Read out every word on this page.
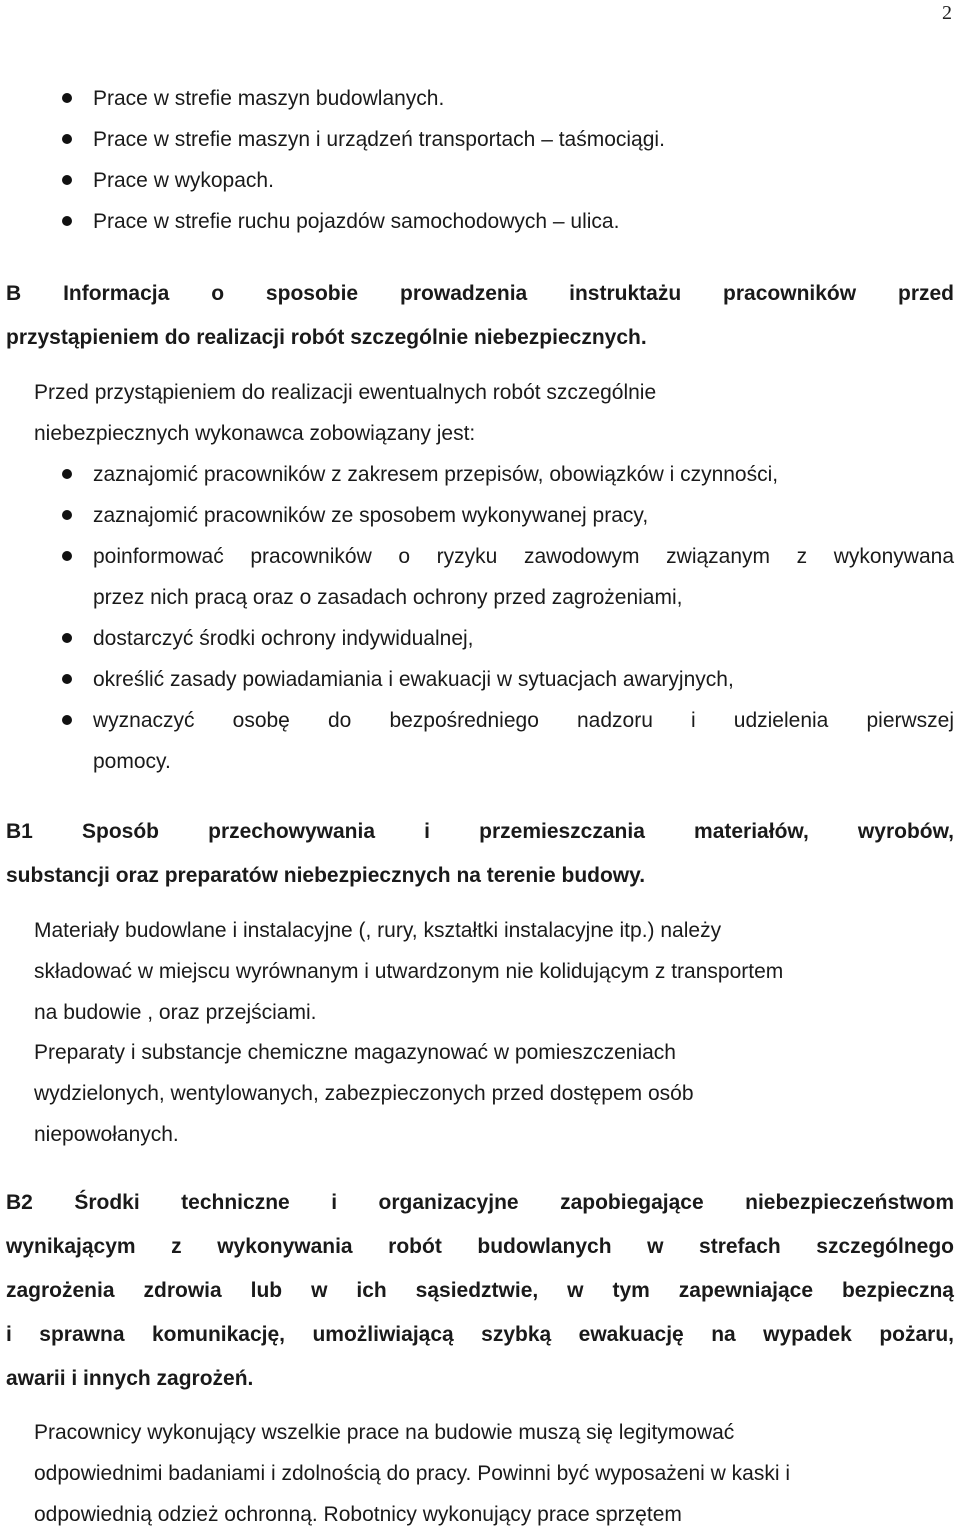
2
Prace w strefie maszyn budowlanych.
Prace w strefie maszyn i urządzeń transportach – taśmociągi.
Prace w wykopach.
Prace w strefie ruchu pojazdów samochodowych – ulica.
B Informacja o sposobie prowadzenia instruktażu pracowników przed
przystąpieniem do realizacji robót szczególnie niebezpiecznych.
Przed przystąpieniem do realizacji ewentualnych robót szczególnie
niebezpiecznych wykonawca zobowiązany jest:
zaznajomić pracowników z zakresem przepisów, obowiązków i czynności,
zaznajomić pracowników ze sposobem wykonywanej pracy,
poinformować pracowników o ryzyku zawodowym związanym z wykonywana
przez nich pracą oraz o zasadach ochrony przed zagrożeniami,
dostarczyć środki ochrony indywidualnej,
określić zasady powiadamiania i ewakuacji w sytuacjach awaryjnych,
wyznaczyć osobę do bezpośredniego nadzoru i udzielenia pierwszej
pomocy.
B1 Sposób przechowywania i przemieszczania materiałów, wyrobów,
substancji oraz preparatów niebezpiecznych na terenie budowy.
Materiały budowlane i instalacyjne (, rury, kształtki instalacyjne itp.) należy
składować w miejscu wyrównanym i utwardzonym nie kolidującym z transportem
na budowie , oraz przejściami.
Preparaty i substancje chemiczne magazynować w pomieszczeniach
wydzielonych, wentylowanych, zabezpieczonych przed dostępem osób
niepowołanych.
B2 Środki techniczne i organizacyjne zapobiegające niebezpieczeństwom
wynikającym z wykonywania robót budowlanych w strefach szczególnego
zagrożenia zdrowia lub w ich sąsiedztwie, w tym zapewniające bezpieczną
i sprawna komunikację, umożliwiającą szybką ewakuację na wypadek pożaru,
awarii i innych zagrożeń.
Pracownicy wykonujący wszelkie prace na budowie muszą się legitymować
odpowiednimi badaniami i zdolnością do pracy. Powinni być wyposażeni w kaski i
odpowiednią odzież ochronną. Robotnicy wykonujący prace sprzętem
